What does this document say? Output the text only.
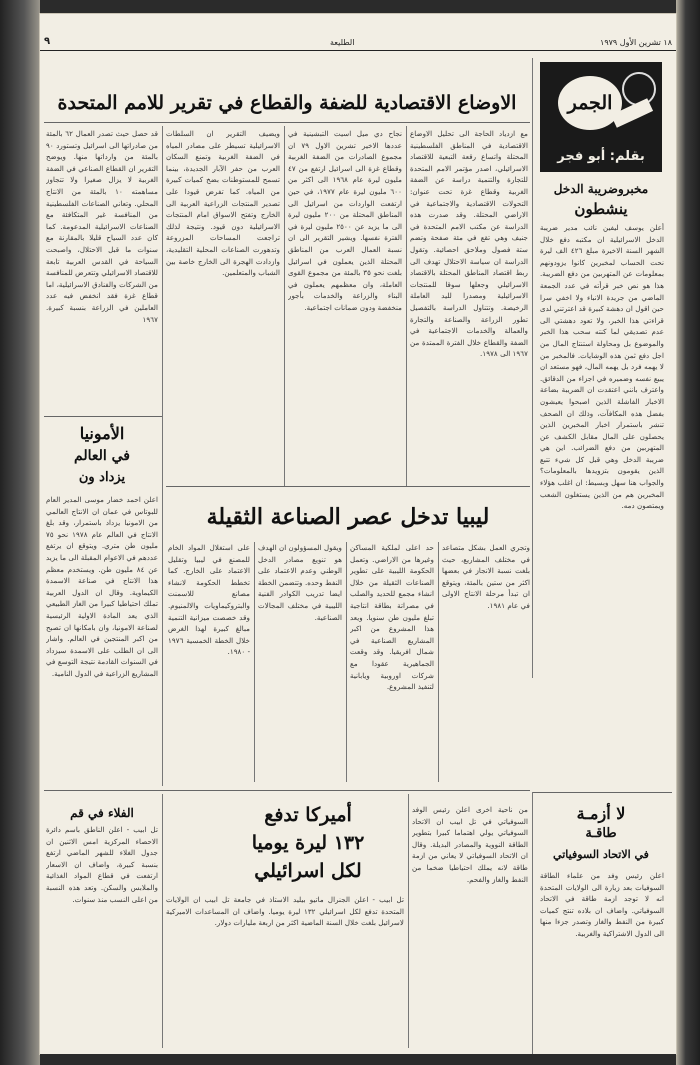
١٨ تشرين الأول ١٩٧٩
الطليعة
٩
الجمر
بقلم: أبو فجر
مخبروضريبة الدخل
ينشطون
أعلن يوسف ليفين نائب مدير ضريبة الدخل الاسرائيلية ان مكتبه دفع خلال الشهر السنة الاخيرة مبلغ ٤٢٦ الف ليرة نحت الحساب لمخبرين كانوا يزودونهم بمعلومات عن المتهربين من دفع الضريبة. هذا هو نص خبر قرأته في عدد الجمعة الماضي من جريدة الانباء ولا اخفي سرا حين اقول ان دهشة كبيرة قد اعترتني لدى قراءتي هذا الخبر، ولا تعود دهشتي الى عدم تصديقي لما كنته سحب هذا الخبر والموضوع بل ومحاولة استنتاج المال من اجل دفع ثمن هذه الوشايات. فالمخبر من لا يهمه فرد بل يهمه المال، فهو مستعد ان يبيع نفسه وضميره في اجزاء من الدقائق. واعترف بانني اعتقدت ان الضريبة بضاعة الاخبار الفاشلة الذين اصبحوا يعيشون بفضل هذه المكافآت، وذلك ان الصحف تنشر باستمرار اخبار المخبرين الذين يحصلون على المال مقابل الكشف عن المتهربين من دفع الضرائب. اين هي ضريبة الدخل وهي قبل كل شيء تتبع الذين يقومون بتزويدها بالمعلومات؟ والجواب هنا سهل وبسيط: ان اغلب هؤلاء المخبرين هم من الذين يستغلون الشعب ويمتصون دمه.
لا أزمـة
طاقـة
في الاتحاد السوفياتي
اعلن رئيس وفد من علماء الطاقة السوفيات بعد زيارة الى الولايات المتحدة انه لا توجد ازمة طاقة في الاتحاد السوفياتي. واضاف ان بلاده تنتج كميات كبيرة من النفط والغاز وتصدر جزءا منها الى الدول الاشتراكية والغربية.
الاوضاع الاقتصادية للضفة والقطاع في تقرير للامم المتحدة
مع ازدياد الحاجة الى تحليل الاوضاع الاقتصادية في المناطق الفلسطينية المحتلة واتساع رقعة التبعية للاقتصاد الاسرائيلي، اصدر مؤتمر الامم المتحدة للتجارة والتنمية دراسة عن الضفة الغربية وقطاع غزة تحت عنوان: التحولات الاقتصادية والاجتماعية في الاراضي المحتلة. وقد صدرت هذه الدراسة عن مكتب الامم المتحدة في جنيف وهي تقع في مئة صفحة وتضم ستة فصول وملاحق احصائية. وتقول الدراسة ان سياسة الاحتلال تهدف الى ربط اقتصاد المناطق المحتلة بالاقتصاد الاسرائيلي وجعلها سوقا للمنتجات الاسرائيلية ومصدرا لليد العاملة الرخيصة. وتتناول الدراسة بالتفصيل تطور الزراعة والصناعة والتجارة والعمالة والخدمات الاجتماعية في الضفة والقطاع خلال الفترة الممتدة من ١٩٦٧ الى ١٩٧٨.
نجاح دي ميل اسيت التبشينية في عددها الاخير تشرين الاول ٧٩ ان مجموع الصادرات من الضفة الغربية وقطاع غزة الى اسرائيل ارتفع من ٤٧ مليون ليرة عام ١٩٦٨ الى اكثر من ٦٠٠ مليون ليرة عام ١٩٧٧، في حين ارتفعت الواردات من اسرائيل الى المناطق المحتلة من ٢٠٠ مليون ليرة الى ما يزيد عن ٢٥٠٠ مليون ليرة في الفترة نفسها. ويشير التقرير الى ان نسبة العمال العرب من المناطق المحتلة الذين يعملون في اسرائيل بلغت نحو ٣٥ بالمئة من مجموع القوى العاملة، وان معظمهم يعملون في البناء والزراعة والخدمات بأجور منخفضة ودون ضمانات اجتماعية.
ويضيف التقرير ان السلطات الاسرائيلية تسيطر على مصادر المياه في الضفة الغربية وتمنع السكان العرب من حفر الآبار الجديدة، بينما تسمح للمستوطنات بضخ كميات كبيرة من المياه. كما تفرض قيودا على تصدير المنتجات الزراعية العربية الى الخارج وتفتح الاسواق امام المنتجات الاسرائيلية دون قيود. ونتيجة لذلك تراجعت المساحات المزروعة وتدهورت الصناعات المحلية التقليدية، وازدادت الهجرة الى الخارج خاصة بين الشباب والمتعلمين.
قد حصل حيث تصدر العمال ٦٢ بالمئة من صادراتها الى اسرائيل وتستورد ٩٠ بالمئة من وارداتها منها. ويوضح التقرير ان القطاع الصناعي في الضفة الغربية لا يزال صغيرا ولا تتجاوز مساهمته ١٠ بالمئة من الانتاج المحلي. وتعاني الصناعات الفلسطينية من المنافسة غير المتكافئة مع الصناعات الاسرائيلية المدعومة. كما كان عدد السياح قليلا بالمقارنة مع سنوات ما قبل الاحتلال، واصبحت السياحة في القدس العربية تابعة للاقتصاد الاسرائيلي وتتعرض للمنافسة من الشركات والفنادق الاسرائيلية، اما قطاع غزة فقد انخفض فيه عدد العاملين في الزراعة بنسبة كبيرة. ١٩٦٧
الأمونيا
في العالم
يزداد ون
اعلن احمد خضار موسى المدير العام للبوتاس في عمان ان الانتاج العالمي من الامونيا يزداد باستمرار، وقد بلغ الانتاج في العالم عام ١٩٧٨ نحو ٧٥ مليون طن متري. ويتوقع ان يرتفع عددهم في الاعوام المقبلة الى ما يزيد عن ٨٤ مليون طن. ويستخدم معظم هذا الانتاج في صناعة الاسمدة الكيماوية. وقال ان الدول العربية تملك احتياطيا كبيرا من الغاز الطبيعي الذي يعد المادة الاولية الرئيسية لصناعة الامونيا، وان بامكانها ان تصبح من اكبر المنتجين في العالم. واشار الى ان الطلب على الاسمدة سيزداد في السنوات القادمة نتيجة التوسع في المشاريع الزراعية في الدول النامية.
ليبيا تدخل عصر الصناعة الثقيلة
وتجري العمل بشكل متصاعد في مختلف المشاريع، حيث بلغت نسبة الانجاز في بعضها اكثر من ستين بالمئة، ويتوقع ان تبدأ مرحلة الانتاج الاولى في عام ١٩٨١.
حد اعلى لملكية المساكن وغيرها من الاراضي. وتعمل الحكومة الليبية على تطوير الصناعات الثقيلة من خلال انشاء مجمع للحديد والصلب في مصراتة بطاقة انتاجية تبلغ مليون طن سنويا. ويعد هذا المشروع من اكبر المشاريع الصناعية في شمال افريقيا. وقد وقعت الجماهيرية عقودا مع شركات اوروبية ويابانية لتنفيذ المشروع.
ويقول المسؤولون ان الهدف هو تنويع مصادر الدخل الوطني وعدم الاعتماد على النفط وحده. وتتضمن الخطة ايضا تدريب الكوادر الفنية الليبية في مختلف المجالات الصناعية.
على استغلال المواد الخام للمصنع في ليبيا وتقليل الاعتماد على الخارج. كما تخطط الحكومة لانشاء مصانع للاسمنت والبتروكيماويات والالمنيوم. وقد خصصت ميزانية التنمية مبالغ كبيرة لهذا الغرض خلال الخطة الخمسية ١٩٧٦ - ١٩٨٠.
أميركا تدفع
١٣٢ ليرة يوميا
لكل اسرائيلي
من ناحية اخرى اعلن رئيس الوفد السوفياتي في تل ابيب ان الاتحاد السوفياتي يولي اهتماما كبيرا بتطوير الطاقة النووية والمصادر البديلة. وقال ان الاتحاد السوفياتي لا يعاني من ازمة طاقة لانه يملك احتياطيا ضخما من النفط والغاز والفحم.
تل ابيب - اعلن الجنرال ماتيو بيليد الاستاذ في جامعة تل ابيب ان الولايات المتحدة تدفع لكل اسرائيلي ١٣٢ ليرة يوميا. واضاف ان المساعدات الاميركية لاسرائيل بلغت خلال السنة الماضية اكثر من اربعة مليارات دولار.
الفلاء في قم
تل ابيب - اعلن الناطق باسم دائرة الاحصاء المركزية امس الاثنين ان جدول الغلاء للشهر الماضي ارتفع بنسبة كبيرة، واضاف ان الاسعار ارتفعت في قطاع المواد الغذائية والملابس والسكن. وتعد هذه النسبة من اعلى النسب منذ سنوات.
